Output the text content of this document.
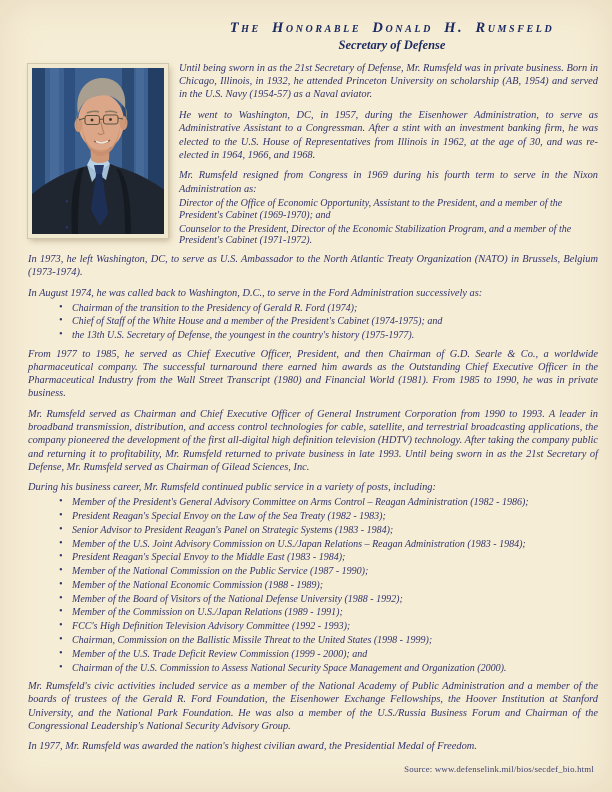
The Honorable Donald H. Rumsfeld
Secretary of Defense

Until being sworn in as the 21st Secretary of Defense, Mr. Rumsfeld was in private business. Born in Chicago, Illinois, in 1932, he attended Princeton University on scholarship (AB, 1954) and served in the U.S. Navy (1954-57) as a Naval aviator.

He went to Washington, DC, in 1957, during the Eisenhower Administration, to serve as Administrative Assistant to a Congressman. After a stint with an investment banking firm, he was elected to the U.S. House of Representatives from Illinois in 1962, at the age of 30, and was re-elected in 1964, 1966, and 1968.

Mr. Rumsfeld resigned from Congress in 1969 during his fourth term to serve in the Nixon Administration as:

• Director of the Office of Economic Opportunity, Assistant to the President, and a member of the President's Cabinet (1969-1970); and
• Counselor to the President, Director of the Economic Stabilization Program, and a member of the President's Cabinet (1971-1972).

In 1973, he left Washington, DC, to serve as U.S. Ambassador to the North Atlantic Treaty Organization (NATO) in Brussels, Belgium (1973-1974).

In August 1974, he was called back to Washington, D.C., to serve in the Ford Administration successively as:

• Chairman of the transition to the Presidency of Gerald R. Ford (1974);
• Chief of Staff of the White House and a member of the President's Cabinet (1974-1975); and
• the 13th U.S. Secretary of Defense, the youngest in the country's history (1975-1977).

From 1977 to 1985, he served as Chief Executive Officer, President, and then Chairman of G.D. Searle & Co., a worldwide pharmaceutical company. The successful turnaround there earned him awards as the Outstanding Chief Executive Officer in the Pharmaceutical Industry from the Wall Street Transcript (1980) and Financial World (1981). From 1985 to 1990, he was in private business.

Mr. Rumsfeld served as Chairman and Chief Executive Officer of General Instrument Corporation from 1990 to 1993. A leader in broadband transmission, distribution, and access control technologies for cable, satellite, and terrestrial broadcasting applications, the company pioneered the development of the first all-digital high definition television (HDTV) technology. After taking the company public and returning it to profitability, Mr. Rumsfeld returned to private business in late 1993. Until being sworn in as the 21st Secretary of Defense, Mr. Rumsfeld served as Chairman of Gilead Sciences, Inc.

During his business career, Mr. Rumsfeld continued public service in a variety of posts, including:

• Member of the President's General Advisory Committee on Arms Control – Reagan Administration (1982 - 1986);
• President Reagan's Special Envoy on the Law of the Sea Treaty (1982 - 1983);
• Senior Advisor to President Reagan's Panel on Strategic Systems (1983 - 1984);
• Member of the U.S. Joint Advisory Commission on U.S./Japan Relations – Reagan Administration (1983 - 1984);
• President Reagan's Special Envoy to the Middle East (1983 - 1984);
• Member of the National Commission on the Public Service (1987 - 1990);
• Member of the National Economic Commission (1988 - 1989);
• Member of the Board of Visitors of the National Defense University (1988 - 1992);
• Member of the Commission on U.S./Japan Relations (1989 - 1991);
• FCC's High Definition Television Advisory Committee (1992 - 1993);
• Chairman, Commission on the Ballistic Missile Threat to the United States (1998 - 1999);
• Member of the U.S. Trade Deficit Review Commission (1999 - 2000); and
• Chairman of the U.S. Commission to Assess National Security Space Management and Organization (2000).

Mr. Rumsfeld's civic activities included service as a member of the National Academy of Public Administration and a member of the boards of trustees of the Gerald R. Ford Foundation, the Eisenhower Exchange Fellowships, the Hoover Institution at Stanford University, and the National Park Foundation. He was also a member of the U.S./Russia Business Forum and Chairman of the Congressional Leadership's National Security Advisory Group.

In 1977, Mr. Rumsfeld was awarded the nation's highest civilian award, the Presidential Medal of Freedom.

Source: www.defenselink.mil/bios/secdef_bio.html
